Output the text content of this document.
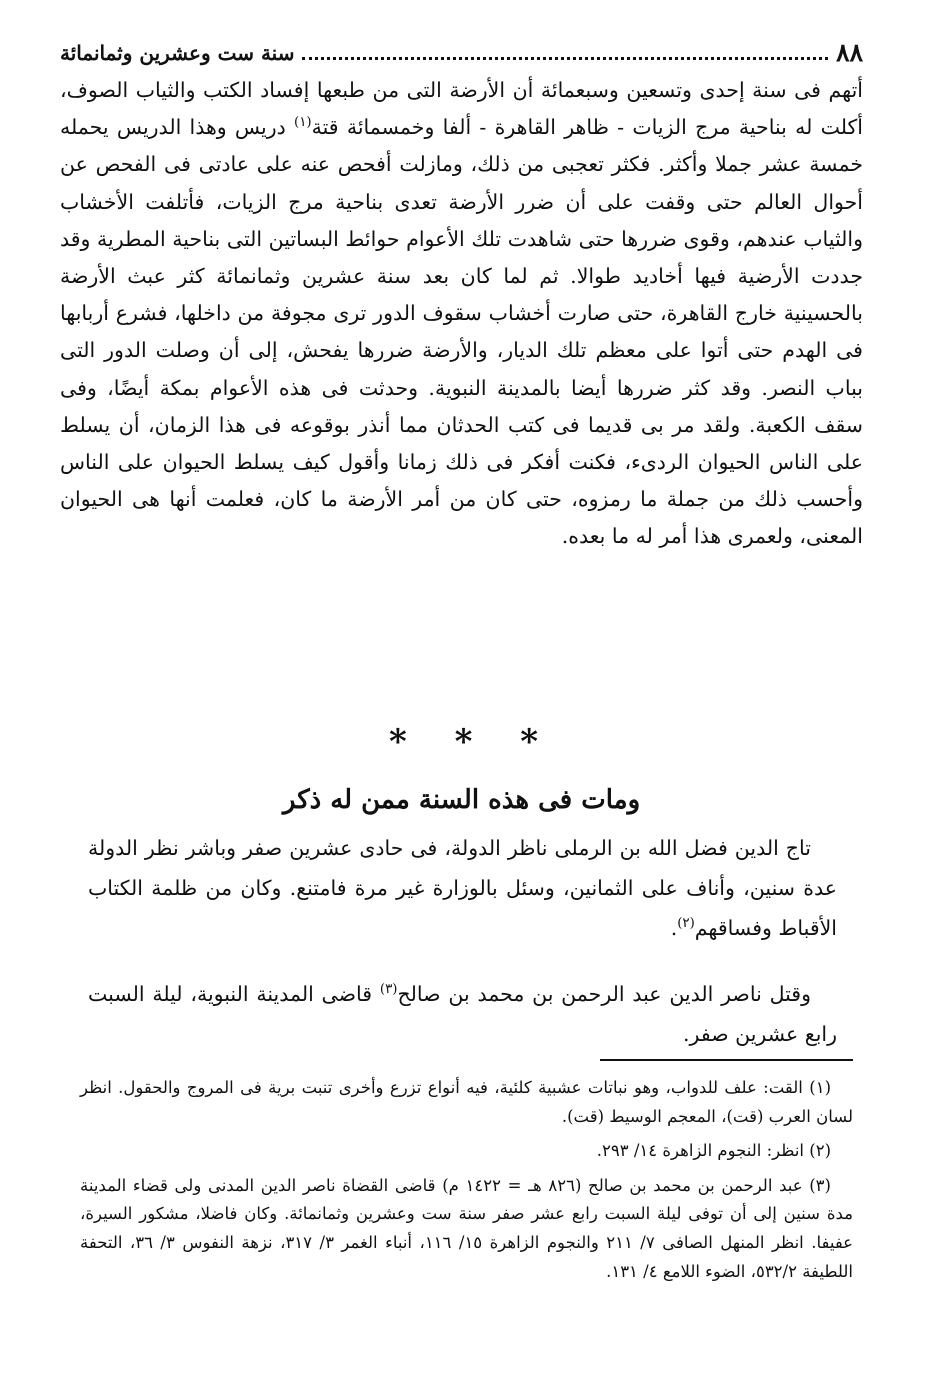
٨٨
سنة ست وعشرين وثمانمائة

أتهم فى سنة إحدى وتسعين وسبعمائة أن الأرضة التى من طبعها إفساد الكتب والثياب الصوف، أكلت له بناحية مرج الزيات - ظاهر القاهرة - ألفا وخمسمائة قتة$^{(١)}$ دريس وهذا الدريس يحمله خمسة عشر جملا وأكثر. فكثر تعجبى من ذلك، ومازلت أفحص عنه على عادتى فى الفحص عن أحوال العالم حتى وقفت على أن ضرر الأرضة تعدى بناحية مرج الزيات، فأتلفت الأخشاب والثياب عندهم، وقوى ضررها حتى شاهدت تلك الأعوام حوائط البساتين التى بناحية المطرية وقد جددت الأرضية فيها أخاديد طوالا. ثم لما كان بعد سنة عشرين وثمانمائة كثر عبث الأرضة بالحسينية خارج القاهرة، حتى صارت أخشاب سقوف الدور ترى مجوفة من داخلها، فشرع أربابها فى الهدم حتى أتوا على معظم تلك الديار، والأرضة ضررها يفحش، إلى أن وصلت الدور التى بباب النصر. وقد كثر ضررها أيضا بالمدينة النبوية. وحدثت فى هذه الأعوام بمكة أيضًا، وفى سقف الكعبة. ولقد مر بى قديما فى كتب الحدثان مما أنذر بوقوعه فى هذا الزمان، أن يسلط على الناس الحيوان الردىء، فكنت أفكر فى ذلك زمانا وأقول كيف يسلط الحيوان على الناس وأحسب ذلك من جملة ما رمزوه، حتى كان من أمر الأرضة ما كان، فعلمت أنها هى الحيوان المعنى، ولعمرى هذا أمر له ما بعده.

* * *
ومات فى هذه السنة ممن له ذكر

تاج الدين فضل الله بن الرملى ناظر الدولة، فى حادى عشرين صفر وباشر نظر الدولة عدة سنين، وأناف على الثمانين، وسئل بالوزارة غير مرة فامتنع. وكان من ظلمة الكتاب الأقباط وفساقهم$^{(٢)}$.

وقتل ناصر الدين عبد الرحمن بن محمد بن صالح$^{(٣)}$ قاضى المدينة النبوية، ليلة السبت رابع عشرين صفر.

(١) القت: علف للدواب، وهو نباتات عشبية كلئية، فيه أنواع تزرع وأخرى تنبت برية فى المروج والحقول. انظر لسان العرب (قت)، المعجم الوسيط (قت).

(٢) انظر: النجوم الزاهرة ١٤/ ٢٩٣.

(٣) عبد الرحمن بن محمد بن صالح (٨٢٦ هـ = ١٤٢٢ م) قاضى القضاة ناصر الدين المدنى ولى قضاء المدينة مدة سنين إلى أن توفى ليلة السبت رابع عشر صفر سنة ست وعشرين وثمانمائة. وكان فاضلا، مشكور السيرة، عفيفا. انظر المنهل الصافى ٧/ ٢١١ والنجوم الزاهرة ١٥/ ١١٦، أنباء الغمر ٣/ ٣١٧، نزهة النفوس ٣/ ٣٦، التحفة اللطيفة ٥٣٢/٢، الضوء اللامع ٤/ ١٣١.
